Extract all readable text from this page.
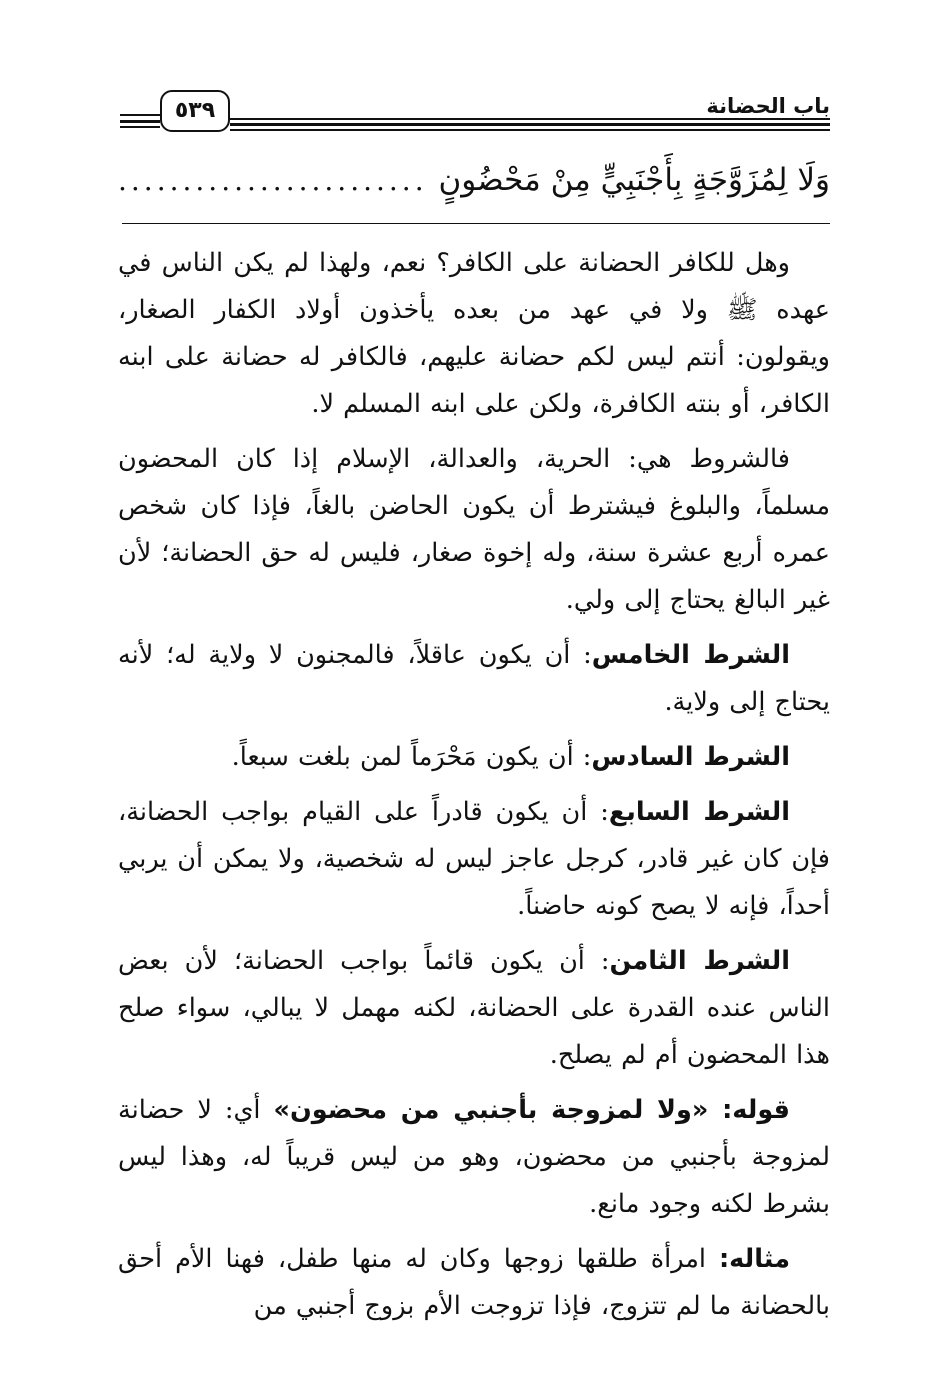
٥٣٩	باب الحضانة
وَلَا لِمُزَوَّجَةٍ بِأَجْنَبِيٍّ مِنْ مَحْضُونٍ
........................

وهل للكافر الحضانة على الكافر؟ نعم، ولهذا لم يكن الناس في عهده ﷺ ولا في عهد من بعده يأخذون أولاد الكفار الصغار، ويقولون: أنتم ليس لكم حضانة عليهم، فالكافر له حضانة على ابنه الكافر، أو بنته الكافرة، ولكن على ابنه المسلم لا.

فالشروط هي: الحرية، والعدالة، الإسلام إذا كان المحضون مسلماً، والبلوغ فيشترط أن يكون الحاضن بالغاً، فإذا كان شخص عمره أربع عشرة سنة، وله إخوة صغار، فليس له حق الحضانة؛ لأن غير البالغ يحتاج إلى ولي.

الشرط الخامس: أن يكون عاقلاً، فالمجنون لا ولاية له؛ لأنه يحتاج إلى ولاية.

الشرط السادس: أن يكون مَحْرَماً لمن بلغت سبعاً.

الشرط السابع: أن يكون قادراً على القيام بواجب الحضانة، فإن كان غير قادر، كرجل عاجز ليس له شخصية، ولا يمكن أن يربي أحداً، فإنه لا يصح كونه حاضناً.

الشرط الثامن: أن يكون قائماً بواجب الحضانة؛ لأن بعض الناس عنده القدرة على الحضانة، لكنه مهمل لا يبالي، سواء صلح هذا المحضون أم لم يصلح.

قوله: «ولا لمزوجة بأجنبي من محضون» أي: لا حضانة لمزوجة بأجنبي من محضون، وهو من ليس قريباً له، وهذا ليس بشرط لكنه وجود مانع.

مثاله: امرأة طلقها زوجها وكان له منها طفل، فهنا الأم أحق بالحضانة ما لم تتزوج، فإذا تزوجت الأم بزوج أجنبي من
